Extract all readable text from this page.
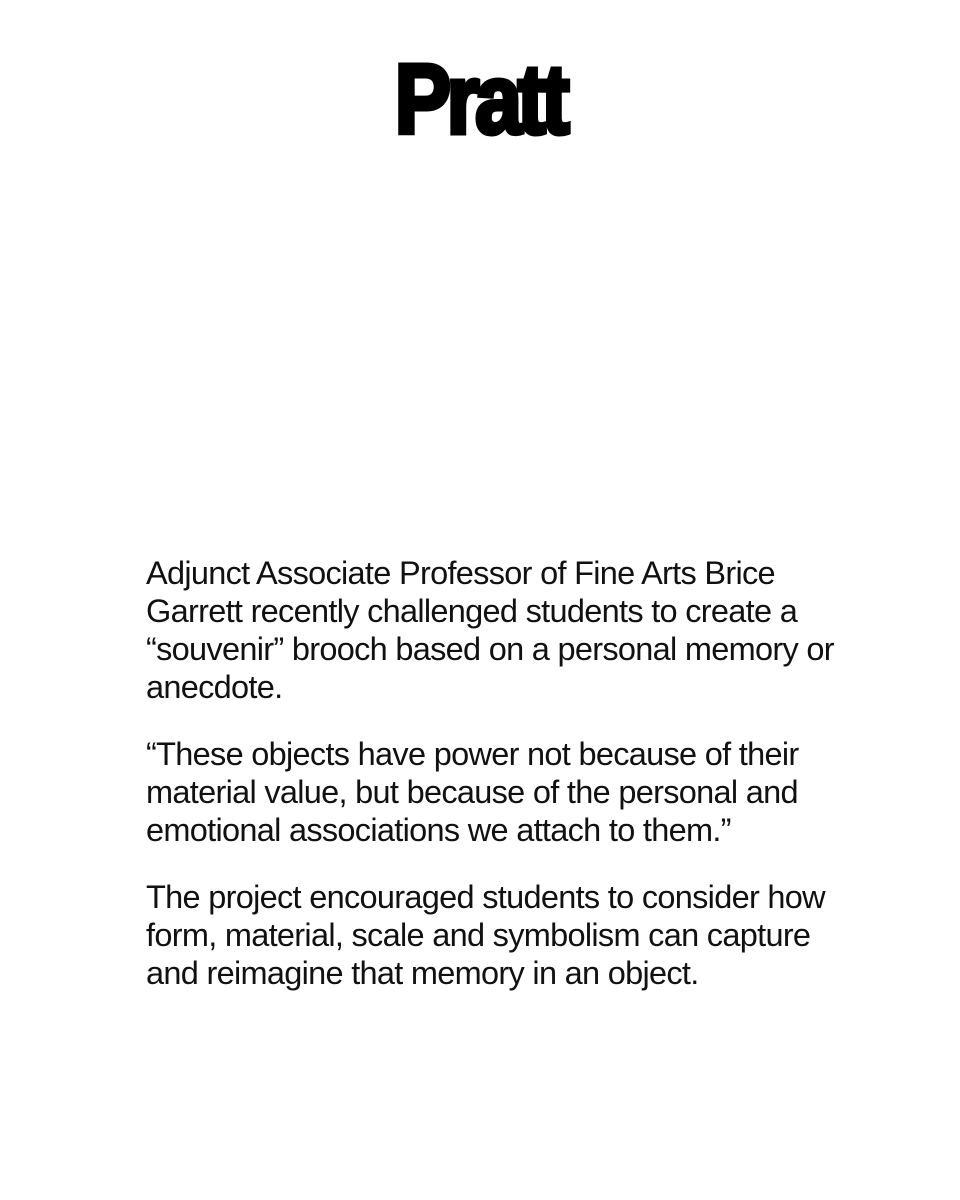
Pratt

Adjunct Associate Professor of Fine Arts Brice Garrett recently challenged students to create a “souvenir” brooch based on a personal memory or anecdote.

“These objects have power not because of their material value, but because of the personal and emotional associations we attach to them.”

The project encouraged students to consider how form, material, scale and symbolism can capture and reimagine that memory in an object.
